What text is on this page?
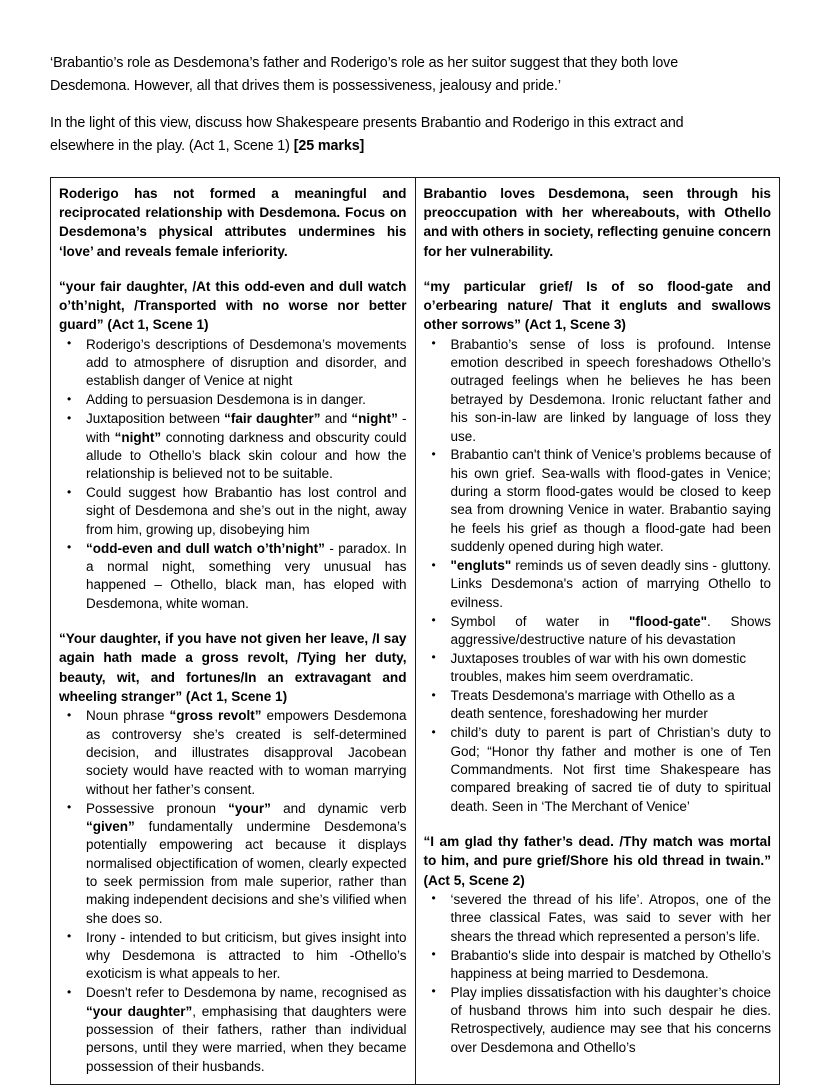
‘Brabantio’s role as Desdemona’s father and Roderigo’s role as her suitor suggest that they both love Desdemona. However, all that drives them is possessiveness, jealousy and pride.’

In the light of this view, discuss how Shakespeare presents Brabantio and Roderigo in this extract and elsewhere in the play. (Act 1, Scene 1) [25 marks]

Roderigo has not formed a meaningful and reciprocated relationship with Desdemona. Focus on Desdemona’s physical attributes undermines his ‘love’ and reveals female inferiority.

“your fair daughter, /At this odd-even and dull watch o’th’night, /Transported with no worse nor better guard” (Act 1, Scene 1)

• Roderigo’s descriptions of Desdemona’s movements add to atmosphere of disruption and disorder, and establish danger of Venice at night
• Adding to persuasion Desdemona is in danger.
• Juxtaposition between “fair daughter” and “night” - with “night” connoting darkness and obscurity could allude to Othello’s black skin colour and how the relationship is believed not to be suitable.
• Could suggest how Brabantio has lost control and sight of Desdemona and she’s out in the night, away from him, growing up, disobeying him
• “odd-even and dull watch o’th’night” - paradox. In a normal night, something very unusual has happened – Othello, black man, has eloped with Desdemona, white woman.

“Your daughter, if you have not given her leave, /I say again hath made a gross revolt, /Tying her duty, beauty, wit, and fortunes/In an extravagant and wheeling stranger” (Act 1, Scene 1)

• Noun phrase “gross revolt” empowers Desdemona as controversy she’s created is self-determined decision, and illustrates disapproval Jacobean society would have reacted with to woman marrying without her father’s consent.
• Possessive pronoun “your” and dynamic verb “given” fundamentally undermine Desdemona’s potentially empowering act because it displays normalised objectification of women, clearly expected to seek permission from male superior, rather than making independent decisions and she’s vilified when she does so.
• Irony - intended to but criticism, but gives insight into why Desdemona is attracted to him -Othello’s exoticism is what appeals to her.
• Doesn't refer to Desdemona by name, recognised as “your daughter”, emphasising that daughters were possession of their fathers, rather than individual persons, until they were married, when they became possession of their husbands.

Brabantio loves Desdemona, seen through his preoccupation with her whereabouts, with Othello and with others in society, reflecting genuine concern for her vulnerability.

“my particular grief/ Is of so flood-gate and o’erbearing nature/ That it engluts and swallows other sorrows” (Act 1, Scene 3)

• Brabantio’s sense of loss is profound. Intense emotion described in speech foreshadows Othello’s outraged feelings when he believes he has been betrayed by Desdemona. Ironic reluctant father and his son-in-law are linked by language of loss they use.
• Brabantio can't think of Venice’s problems because of his own grief. Sea-walls with flood-gates in Venice; during a storm flood-gates would be closed to keep sea from drowning Venice in water. Brabantio saying he feels his grief as though a flood-gate had been suddenly opened during high water.
• "engluts" reminds us of seven deadly sins - gluttony. Links Desdemona's action of marrying Othello to evilness.
• Symbol of water in "flood-gate". Shows aggressive/destructive nature of his devastation
• Juxtaposes troubles of war with his own domestic troubles, makes him seem overdramatic.
• Treats Desdemona's marriage with Othello as a death sentence, foreshadowing her murder
• child’s duty to parent is part of Christian’s duty to God; “Honor thy father and mother is one of Ten Commandments. Not first time Shakespeare has compared breaking of sacred tie of duty to spiritual death. Seen in ‘The Merchant of Venice’

“I am glad thy father’s dead. /Thy match was mortal to him, and pure grief/Shore his old thread in twain.” (Act 5, Scene 2)

• ‘severed the thread of his life’. Atropos, one of the three classical Fates, was said to sever with her shears the thread which represented a person’s life.
• Brabantio's slide into despair is matched by Othello’s happiness at being married to Desdemona.
• Play implies dissatisfaction with his daughter’s choice of husband throws him into such despair he dies. Retrospectively, audience may see that his concerns over Desdemona and Othello’s
